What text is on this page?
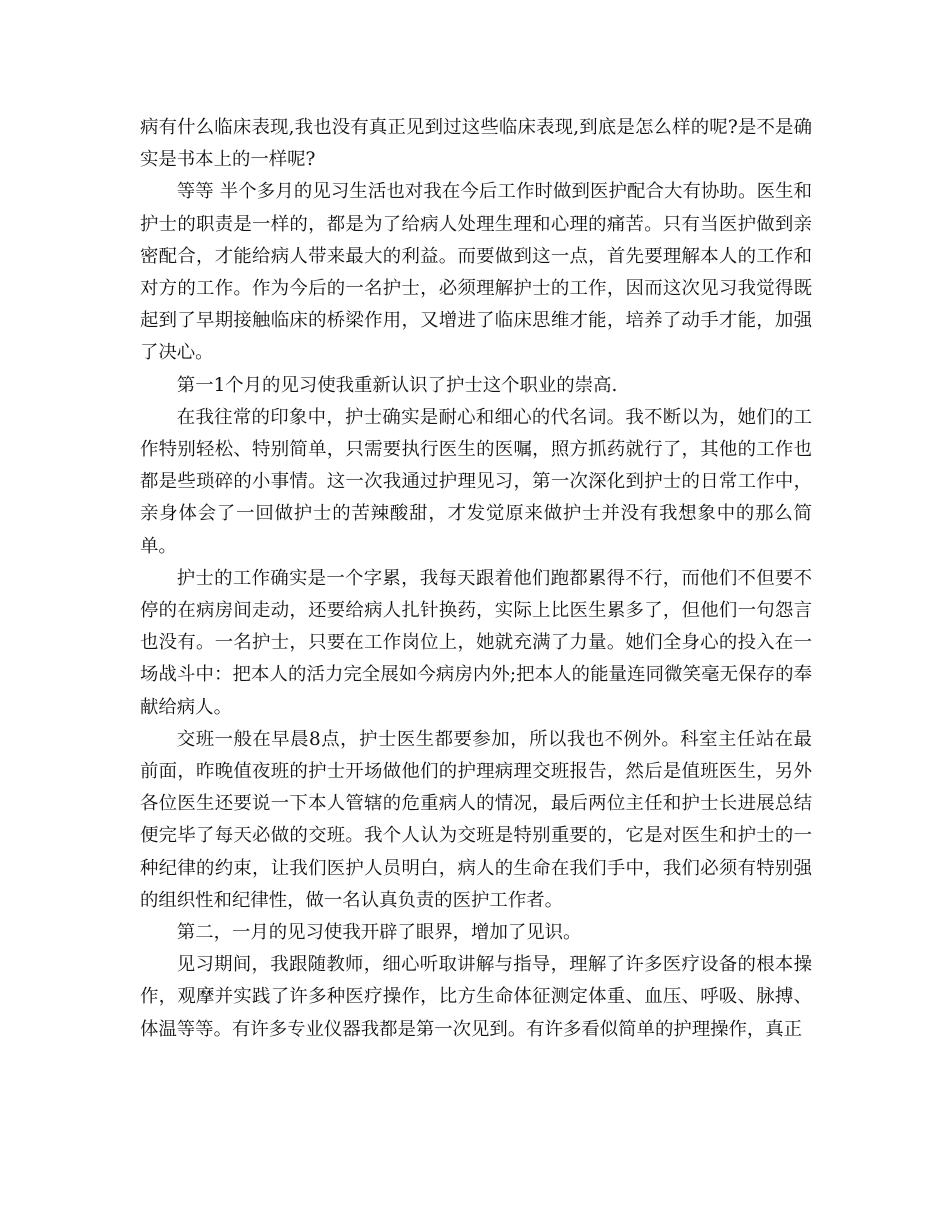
病有什么临床表现,我也没有真正见到过这些临床表现,到底是怎么样的呢?是不是确实是书本上的一样呢?

等等 半个多月的见习生活也对我在今后工作时做到医护配合大有协助。医生和护士的职责是一样的，都是为了给病人处理生理和心理的痛苦。只有当医护做到亲密配合，才能给病人带来最大的利益。而要做到这一点，首先要理解本人的工作和对方的工作。作为今后的一名护士，必须理解护士的工作，因而这次见习我觉得既起到了早期接触临床的桥梁作用，又增进了临床思维才能，培养了动手才能，加强了决心。

第一1个月的见习使我重新认识了护士这个职业的崇高.

在我往常的印象中，护士确实是耐心和细心的代名词。我不断以为，她们的工作特别轻松、特别简单，只需要执行医生的医嘱，照方抓药就行了，其他的工作也都是些琐碎的小事情。这一次我通过护理见习，第一次深化到护士的日常工作中，亲身体会了一回做护士的苦辣酸甜，才发觉原来做护士并没有我想象中的那么简单。

护士的工作确实是一个字累，我每天跟着他们跑都累得不行，而他们不但要不停的在病房间走动，还要给病人扎针换药，实际上比医生累多了，但他们一句怨言也没有。一名护士，只要在工作岗位上，她就充满了力量。她们全身心的投入在一场战斗中：把本人的活力完全展如今病房内外;把本人的能量连同微笑毫无保存的奉献给病人。

交班一般在早晨8点，护士医生都要参加，所以我也不例外。科室主任站在最前面，昨晚值夜班的护士开场做他们的护理病理交班报告，然后是值班医生，另外各位医生还要说一下本人管辖的危重病人的情况，最后两位主任和护士长进展总结便完毕了每天必做的交班。我个人认为交班是特别重要的，它是对医生和护士的一种纪律的约束，让我们医护人员明白，病人的生命在我们手中，我们必须有特别强的组织性和纪律性，做一名认真负责的医护工作者。

第二，一月的见习使我开辟了眼界，增加了见识。

见习期间，我跟随教师，细心听取讲解与指导，理解了许多医疗设备的根本操作，观摩并实践了许多种医疗操作，比方生命体征测定体重、血压、呼吸、脉搏、体温等等。有许多专业仪器我都是第一次见到。有许多看似简单的护理操作，真正
